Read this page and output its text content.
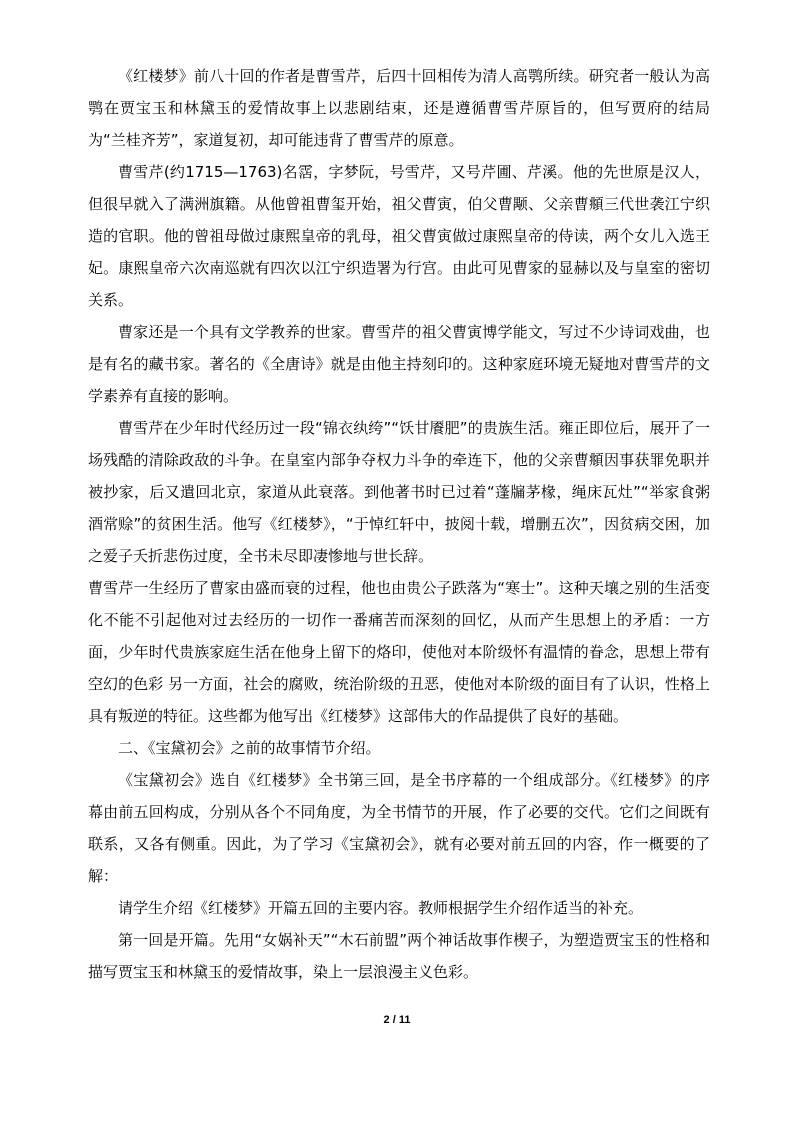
《红楼梦》前八十回的作者是曹雪芹，后四十回相传为清人高鹗所续。研究者一般认为高鹗在贾宝玉和林黛玉的爱情故事上以悲剧结束，还是遵循曹雪芹原旨的，但写贾府的结局为“兰桂齐芳”，家道复初，却可能违背了曹雪芹的原意。

曹雪芹(约1715—1763)名霑，字梦阮，号雪芹，又号芹圃、芹溪。他的先世原是汉人，但很早就入了满洲旗籍。从他曾祖曹玺开始，祖父曹寅，伯父曹颙、父亲曹頫三代世袭江宁织造的官职。他的曾祖母做过康熙皇帝的乳母，祖父曹寅做过康熙皇帝的侍读，两个女儿入选王妃。康熙皇帝六次南巡就有四次以江宁织造署为行宫。由此可见曹家的显赫以及与皇室的密切关系。

曹家还是一个具有文学教养的世家。曹雪芹的祖父曹寅博学能文，写过不少诗词戏曲，也是有名的藏书家。著名的《全唐诗》就是由他主持刻印的。这种家庭环境无疑地对曹雪芹的文学素养有直接的影响。

曹雪芹在少年时代经历过一段“锦衣纨绔”“饫甘餍肥”的贵族生活。雍正即位后，展开了一场残酷的清除政敌的斗争。在皇室内部争夺权力斗争的牵连下，他的父亲曹頫因事获罪免职并被抄家，后又遣回北京，家道从此衰落。到他著书时已过着“蓬牖茅椽，绳床瓦灶”“举家食粥酒常赊”的贫困生活。他写《红楼梦》，“于悼红轩中，披阅十载，增删五次”，因贫病交困，加之爱子夭折悲伤过度，全书未尽即凄惨地与世长辞。

曹雪芹一生经历了曹家由盛而衰的过程，他也由贵公子跌落为“寒士”。这种天壤之别的生活变化不能不引起他对过去经历的一切作一番痛苦而深刻的回忆，从而产生思想上的矛盾：一方面，少年时代贵族家庭生活在他身上留下的烙印，使他对本阶级怀有温情的眷念，思想上带有空幻的色彩 另一方面，社会的腐败，统治阶级的丑恶，使他对本阶级的面目有了认识，性格上具有叛逆的特征。这些都为他写出《红楼梦》这部伟大的作品提供了良好的基础。

二、《宝黛初会》之前的故事情节介绍。

《宝黛初会》选自《红楼梦》全书第三回，是全书序幕的一个组成部分。《红楼梦》的序幕由前五回构成，分别从各个不同角度，为全书情节的开展，作了必要的交代。它们之间既有联系，又各有侧重。因此，为了学习《宝黛初会》，就有必要对前五回的内容，作一概要的了解：

请学生介绍《红楼梦》开篇五回的主要内容。教师根据学生介绍作适当的补充。

第一回是开篇。先用“女娲补天”“木石前盟”两个神话故事作楔子，为塑造贾宝玉的性格和描写贾宝玉和林黛玉的爱情故事，染上一层浪漫主义色彩。

2 / 11
